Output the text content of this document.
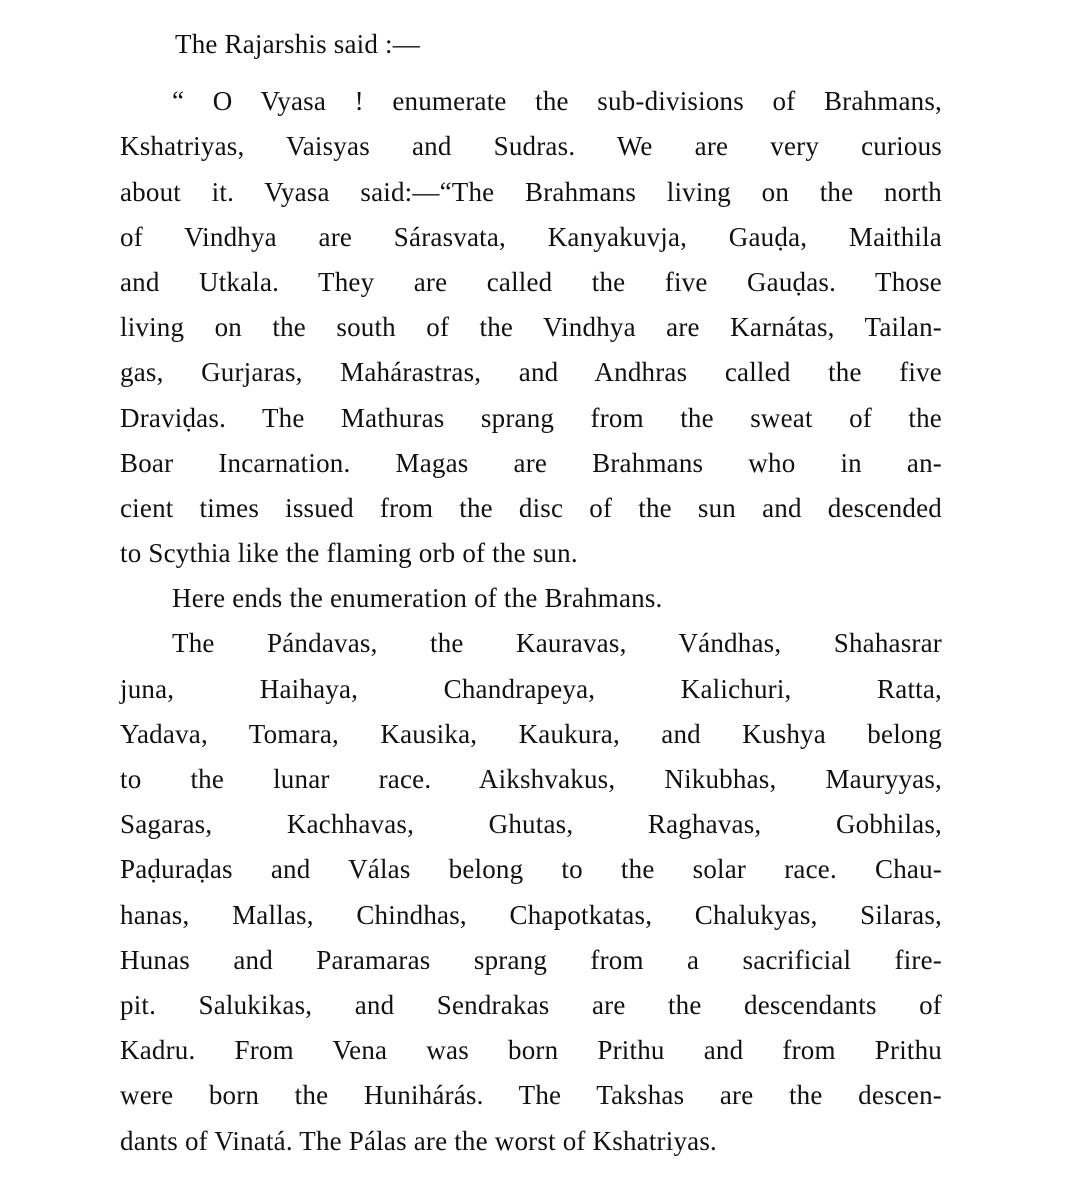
The Rajarshis said :—
“ O Vyasa ! enumerate the sub-divisions of Brahmans,
Kshatriyas, Vaisyas and Sudras. We are very curious
about it. Vyasa said:—“The Brahmans living on the north
of Vindhya are Sárasvata, Kanyakuvja, Gauḍa, Maithila
and Utkala. They are called the five Gauḍas. Those
living on the south of the Vindhya are Karnátas, Tailan-
gas, Gurjaras, Mahárastras, and Andhras called the five
Draviḍas. The Mathuras sprang from the sweat of the
Boar Incarnation. Magas are Brahmans who in an-
cient times issued from the disc of the sun and descended
to Scythia like the flaming orb of the sun.
Here ends the enumeration of the Brahmans.
The Pándavas, the Kauravas, Vándhas, Shahasrar
juna, Haihaya, Chandrapeya, Kalichuri, Ratta,
Yadava, Tomara, Kausika, Kaukura, and Kushya belong
to the lunar race. Aikshvakus, Nikubhas, Mauryyas,
Sagaras, Kachhavas, Ghutas, Raghavas, Gobhilas,
Paḍuraḍas and Válas belong to the solar race. Chau-
hanas, Mallas, Chindhas, Chapotkatas, Chalukyas, Silaras,
Hunas and Paramaras sprang from a sacrificial fire-
pit. Salukikas, and Sendrakas are the descendants of
Kadru. From Vena was born Prithu and from Prithu
were born the Hunihárás. The Takshas are the descen-
dants of Vinatá. The Pálas are the worst of Kshatriyas.
